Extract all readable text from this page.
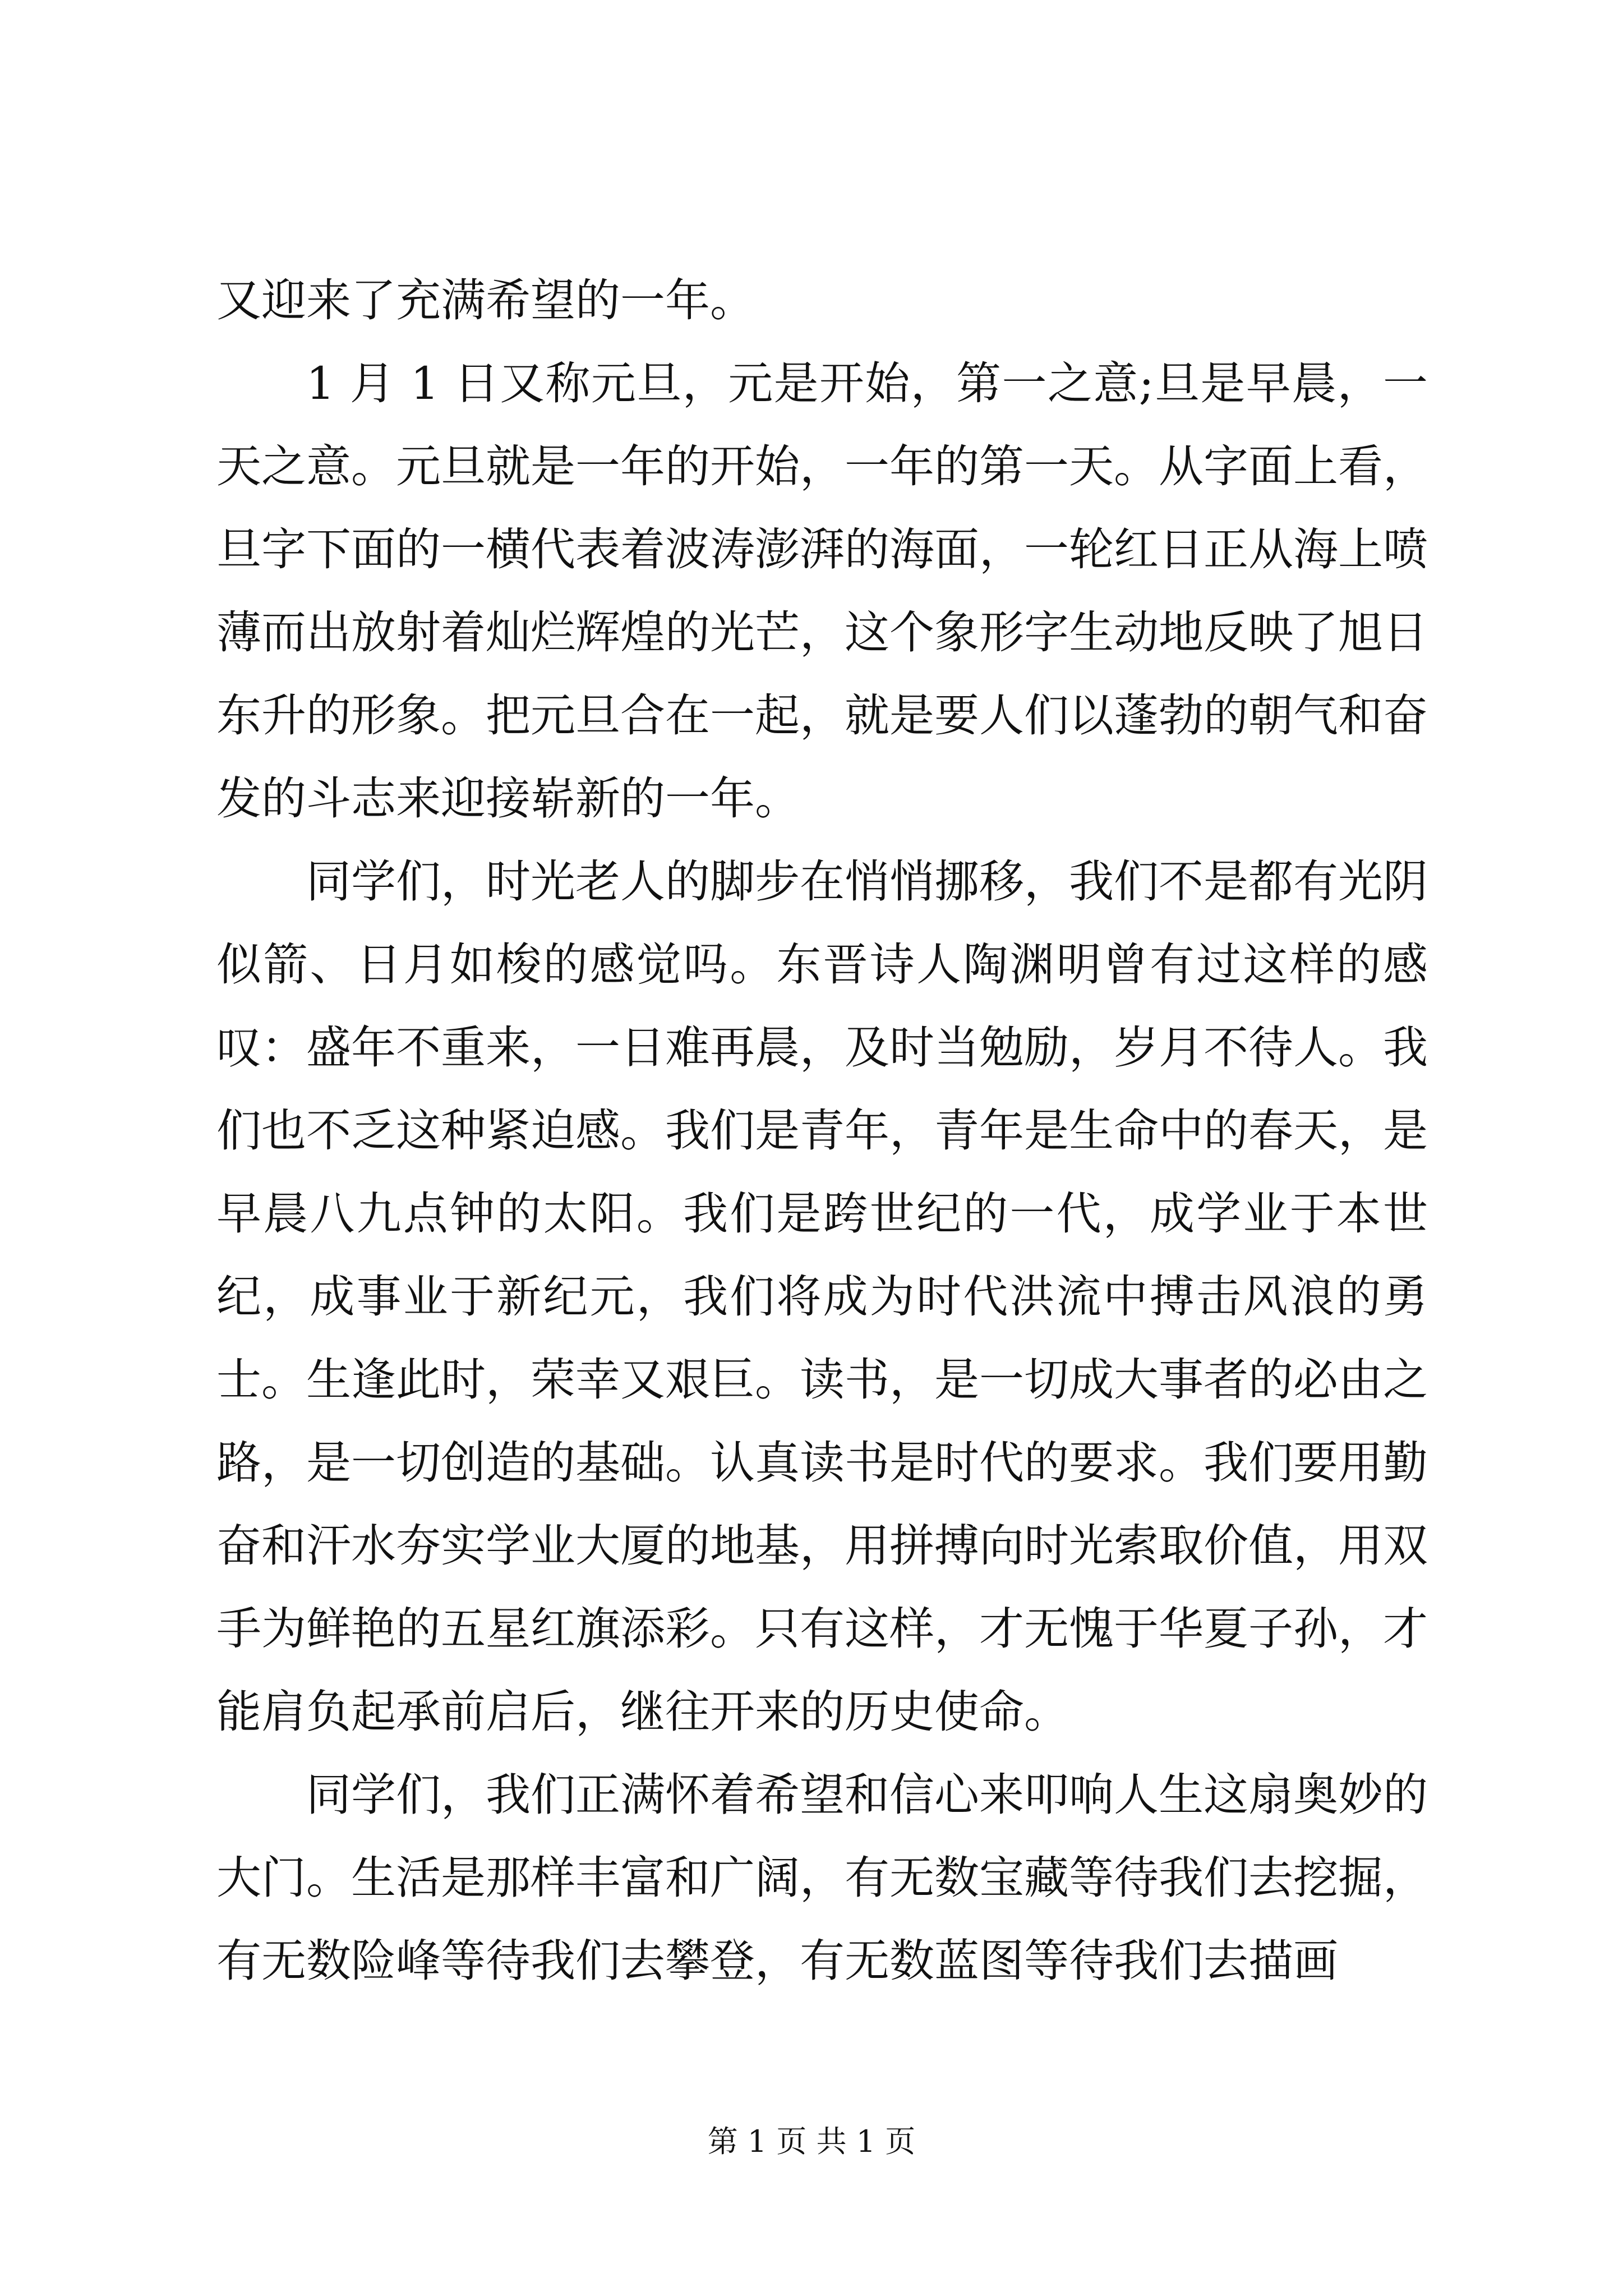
又迎来了充满希望的一年。

1 月 1 日又称元旦，元是开始，第一之意;旦是早晨，一天之意。元旦就是一年的开始，一年的第一天。从字面上看，旦字下面的一横代表着波涛澎湃的海面，一轮红日正从海上喷薄而出放射着灿烂辉煌的光芒，这个象形字生动地反映了旭日东升的形象。把元旦合在一起，就是要人们以蓬勃的朝气和奋发的斗志来迎接崭新的一年。

同学们，时光老人的脚步在悄悄挪移，我们不是都有光阴似箭、日月如梭的感觉吗。东晋诗人陶渊明曾有过这样的感叹：盛年不重来，一日难再晨，及时当勉励，岁月不待人。我们也不乏这种紧迫感。我们是青年，青年是生命中的春天，是早晨八九点钟的太阳。我们是跨世纪的一代，成学业于本世纪，成事业于新纪元，我们将成为时代洪流中搏击风浪的勇士。生逢此时，荣幸又艰巨。读书，是一切成大事者的必由之路，是一切创造的基础。认真读书是时代的要求。我们要用勤奋和汗水夯实学业大厦的地基，用拼搏向时光索取价值，用双手为鲜艳的五星红旗添彩。只有这样，才无愧于华夏子孙，才能肩负起承前启后，继往开来的历史使命。

同学们，我们正满怀着希望和信心来叩响人生这扇奥妙的大门。生活是那样丰富和广阔，有无数宝藏等待我们去挖掘，有无数险峰等待我们去攀登，有无数蓝图等待我们去描画

第 1 页 共 1 页
